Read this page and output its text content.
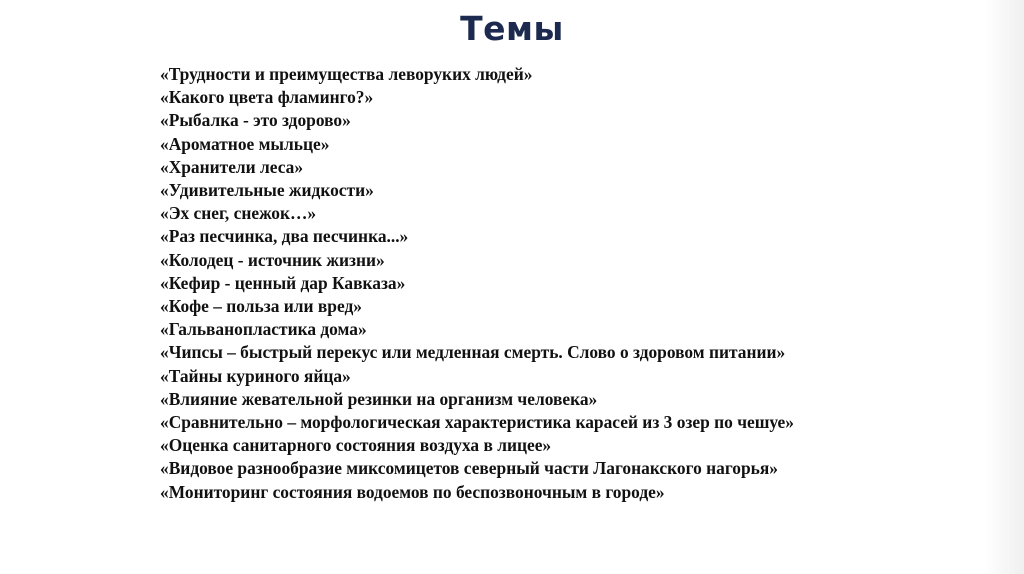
Темы
«Трудности и преимущества леворуких людей»
«Какого цвета фламинго?»
«Рыбалка - это здорово»
«Ароматное мыльце»
«Хранители леса»
«Удивительные жидкости»
«Эх снег, снежок…»
«Раз песчинка, два песчинка...»
«Колодец - источник жизни»
«Кефир - ценный дар Кавказа»
«Кофе – польза или вред»
«Гальванопластика дома»
«Чипсы – быстрый перекус или медленная смерть. Слово о здоровом питании»
«Тайны куриного яйца»
«Влияние жевательной резинки на организм человека»
«Сравнительно – морфологическая характеристика карасей из 3 озер по чешуе»
«Оценка санитарного состояния воздуха в лицее»
«Видовое разнообразие миксомицетов северный части Лагонакского нагорья»
«Мониторинг состояния водоемов по беспозвоночным в городе»
